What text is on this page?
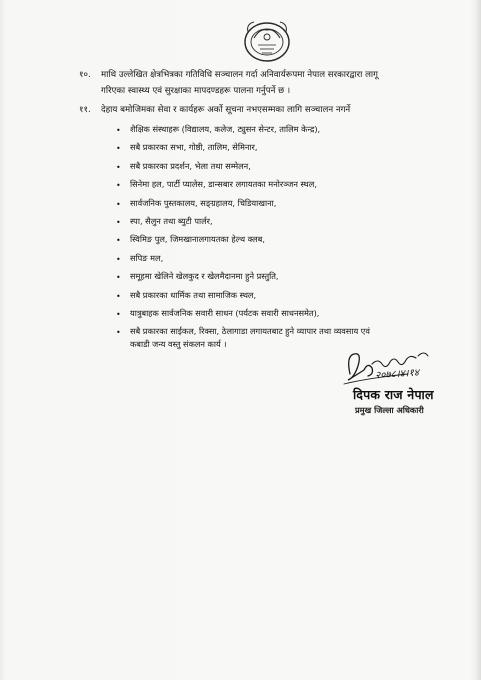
१०. माथि उल्लेखित क्षेत्रभित्रका गतिविधि सञ्चालन गर्दा अनिवार्यरूपमा नेपाल सरकारद्वारा लागू
गरिएका स्वास्थ्य एवं सुरक्षाका मापदण्डहरू पालना गर्नुपर्ने छ ।
११. देहाय बमोजिमका सेवा र कार्यहरू अर्को सूचना नभएसम्मका लागि सञ्चालन नगर्ने
• शैक्षिक संस्थाहरू (विद्यालय, कलेज, ट्युसन सेन्टर, तालिम केन्द्र),
• सबै प्रकारका सभा, गोष्ठी, तालिम, सेमिनार,
• सबै प्रकारका प्रदर्शन, भेला तथा सम्मेलन,
• सिनेमा हल, पार्टी प्यालेस, डान्सबार लगायतका मनोरञ्जन स्थल,
• सार्वजनिक पुस्तकालय, सङ्ग्रहालय, चिडियाखाना,
• स्पा, सैलुन तथा ब्युटी पार्लर,
• स्विमिङ पुल, जिमखानालगायतका हेल्थ क्लब,
• सपिङ मल,
• समूहमा खेलिने खेलकुद र खेलमैदानमा हुने प्रस्तुति,
• सबै प्रकारका धार्मिक तथा सामाजिक स्थल,
• यात्रुबाहक सार्वजनिक सवारी साधन (पर्यटक सवारी साधनसमेत),
• सबै प्रकारका साईकल, रिक्सा, ठेलागाडा लगायतबाट हुने व्यापार तथा व्यवसाय एवं
कबाडी जन्य वस्तु संकलन कार्य ।
२०७८।४।१४
दिपक राज नेपाल
प्रमुख जिल्ला अधिकारी
